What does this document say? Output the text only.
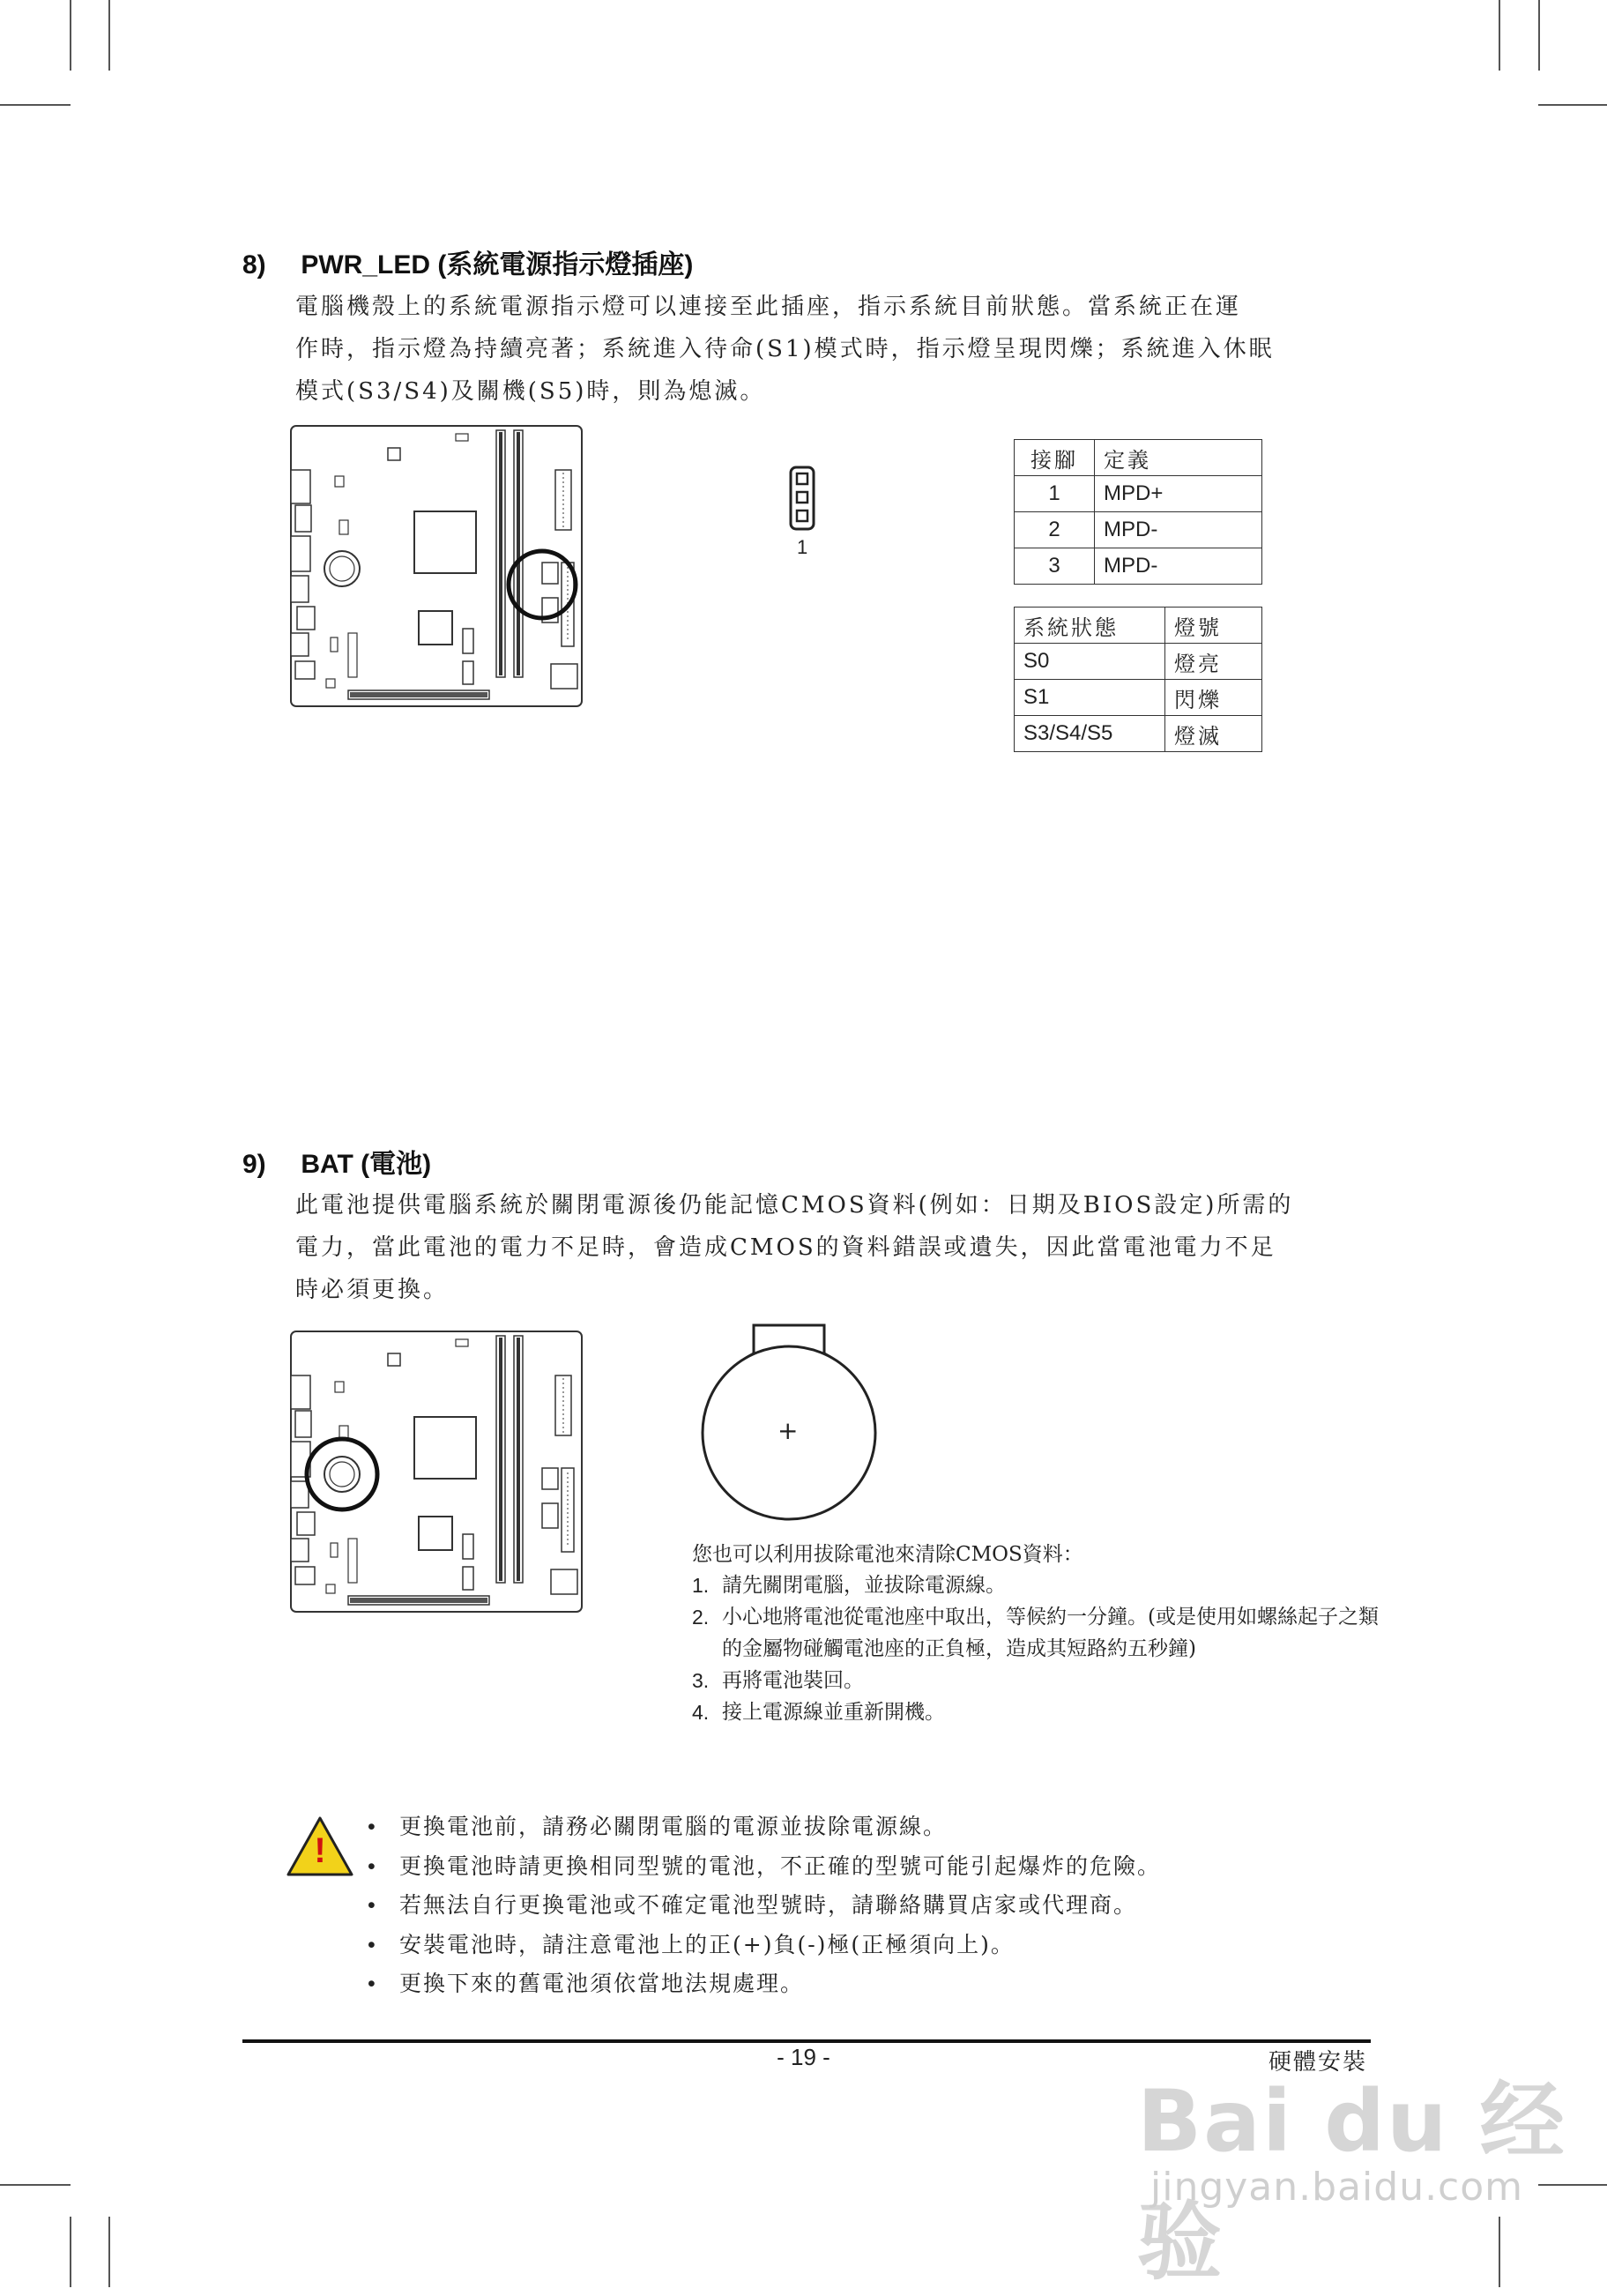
8) PWR_LED (系統電源指示燈插座)
電腦機殼上的系統電源指示燈可以連接至此插座，指示系統目前狀態。當系統正在運
作時，指示燈為持續亮著；系統進入待命(S1)模式時，指示燈呈現閃爍；系統進入休眠
模式(S3/S4)及關機(S5)時，則為熄滅。
1
接腳	定義
1	MPD+
2	MPD-
3	MPD-
系統狀態	燈號
S0	燈亮
S1	閃爍
S3/S4/S5	燈滅
9) BAT (電池)
此電池提供電腦系統於關閉電源後仍能記憶CMOS資料(例如：日期及BIOS設定)所需的
電力，當此電池的電力不足時，會造成CMOS的資料錯誤或遺失，因此當電池電力不足
時必須更換。
+
您也可以利用拔除電池來清除CMOS資料：
1. 請先關閉電腦，並拔除電源線。
2. 小心地將電池從電池座中取出，等候約一分鐘。(或是使用如螺絲起子之類的金屬物碰觸電池座的正負極，造成其短路約五秒鐘)
3. 再將電池裝回。
4. 接上電源線並重新開機。
!
• 更換電池前，請務必關閉電腦的電源並拔除電源線。
• 更換電池時請更換相同型號的電池，不正確的型號可能引起爆炸的危險。
• 若無法自行更換電池或不確定電池型號時，請聯絡購買店家或代理商。
• 安裝電池時，請注意電池上的正(+)負(-)極(正極須向上)。
• 更換下來的舊電池須依當地法規處理。
- 19 -	硬體安裝
Bai du 经验
jingyan.baidu.com
